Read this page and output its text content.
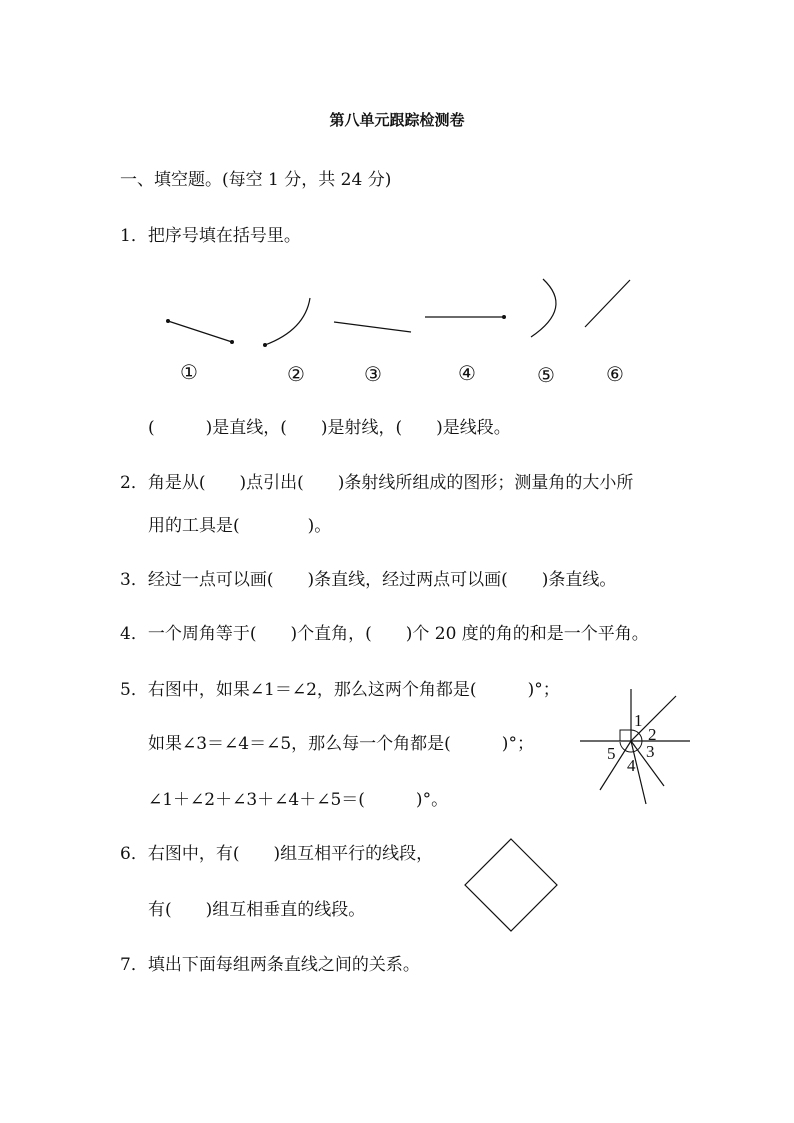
第八单元跟踪检测卷
一、填空题。(每空 1 分，共 24 分)
1．把序号填在括号里。
①	②	③	④	⑤	⑥
(　　　)是直线，(　　)是射线，(　　)是线段。
2．角是从(　　)点引出(　　)条射线所组成的图形；测量角的大小所
用的工具是(　　　　)。
3．经过一点可以画(　　)条直线，经过两点可以画(　　)条直线。
4．一个周角等于(　　)个直角，(　　)个 20 度的角的和是一个平角。
5．右图中，如果∠1＝∠2，那么这两个角都是(　　　)°；
如果∠3＝∠4＝∠5，那么每一个角都是(　　　)°；
∠1＋∠2＋∠3＋∠4＋∠5＝(　　　)°。
1
2
3
4
5
6．右图中，有(　　)组互相平行的线段，
有(　　)组互相垂直的线段。
7．填出下面每组两条直线之间的关系。
